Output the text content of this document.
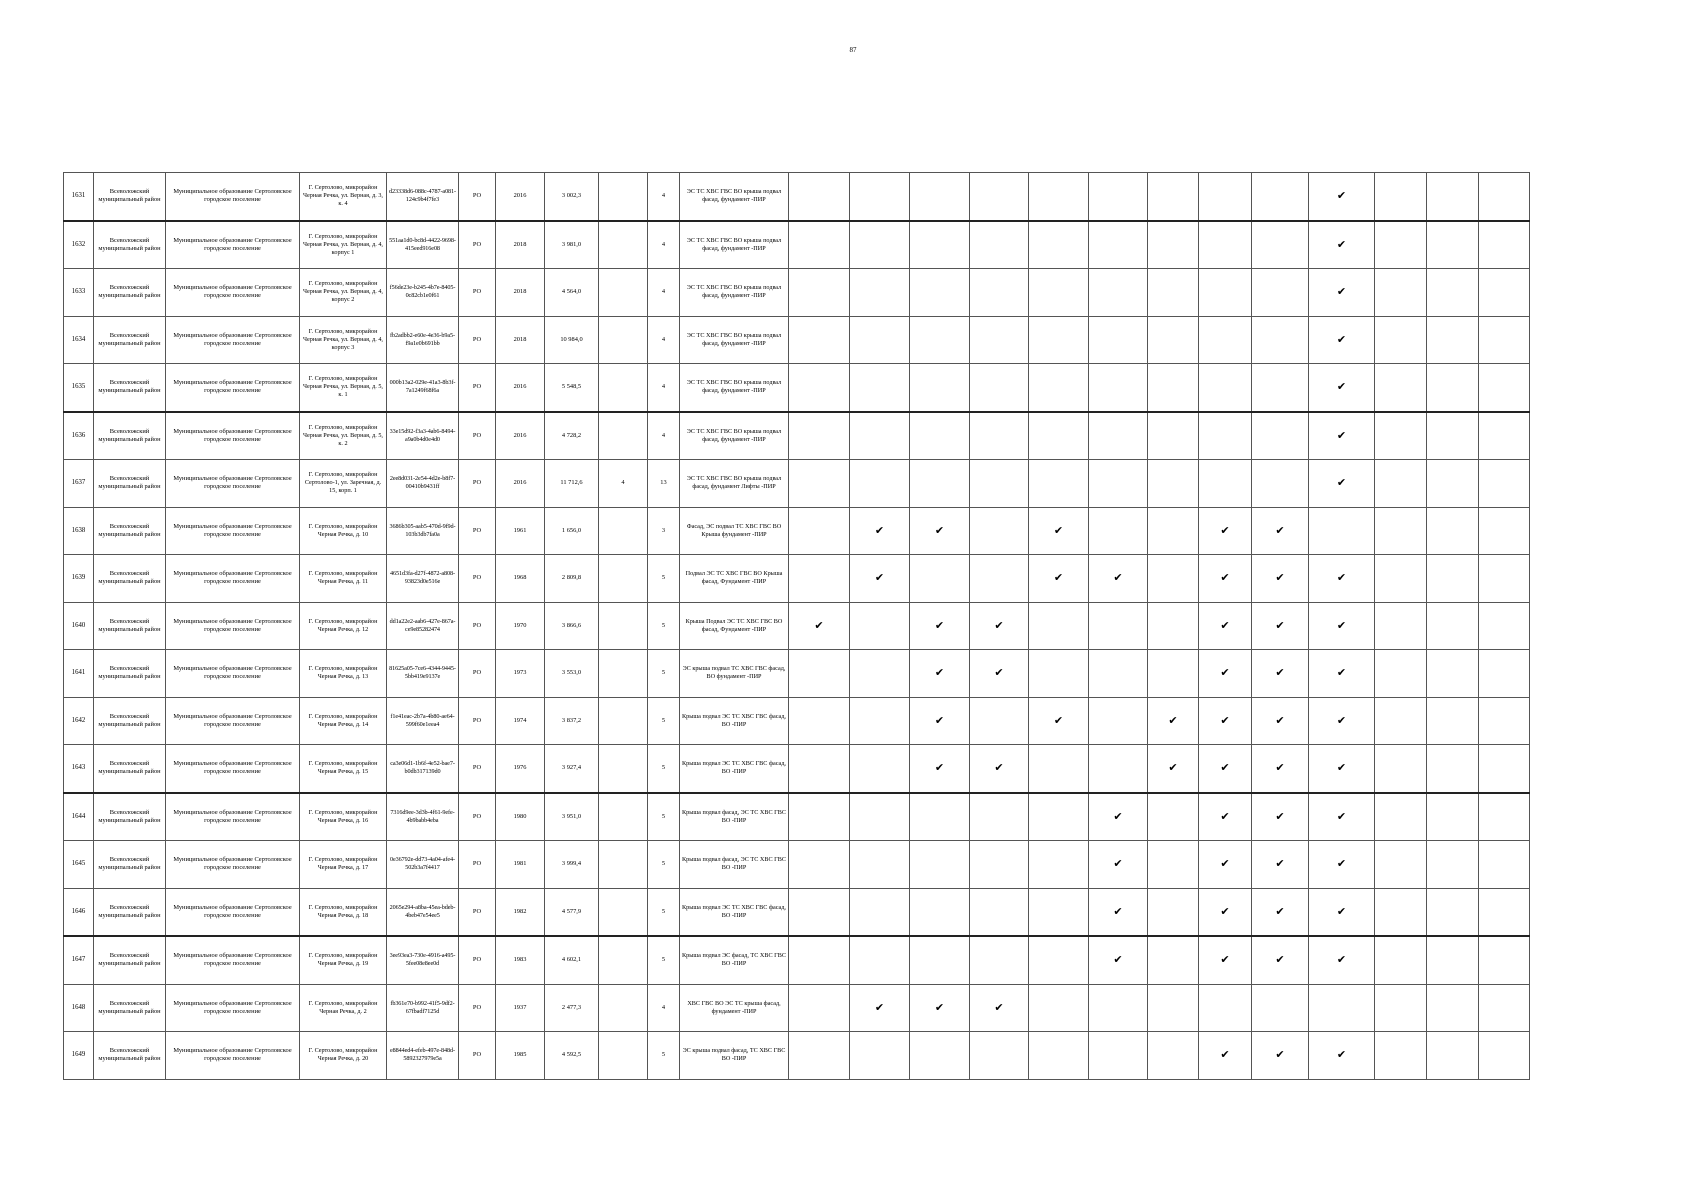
87
1631	Всеволожский муниципальный район	Муниципальное образование Сертоловское городское поселение	Г. Сертолово, микрорайон Черная Речка, ул. Верная, д. 3, к. 4	d23338d6-088c-4787-a081-124c9b4f7fe3	РО	2016	3 002,3		4	ЭС ТС ХВС ГВС ВО крыша подвал фасад, фундамент -ПИР										✔			
1632	Всеволожский муниципальный район	Муниципальное образование Сертоловское городское поселение	Г. Сертолово, микрорайон Черная Речка, ул. Верная, д. 4, корпус 1	551aa1d0-bc8d-4422-9698-415eed916e08	РО	2018	3 981,0		4	ЭС ТС ХВС ГВС ВО крыша подвал фасад, фундамент -ПИР										✔			
1633	Всеволожский муниципальный район	Муниципальное образование Сертоловское городское поселение	Г. Сертолово, микрорайон Черная Речка, ул. Верная, д. 4, корпус 2	f56de23e-b245-4b7e-8405-0c82cb1e0f61	РО	2018	4 564,0		4	ЭС ТС ХВС ГВС ВО крыша подвал фасад, фундамент -ПИР										✔			
1634	Всеволожский муниципальный район	Муниципальное образование Сертоловское городское поселение	Г. Сертолово, микрорайон Черная Речка, ул. Верная, д. 4, корпус 3	fb2adbb2-e60e-4e36-b9a5-f9a1e0b691bb	РО	2018	10 984,0		4	ЭС ТС ХВС ГВС ВО крыша подвал фасад, фундамент -ПИР										✔			
1635	Всеволожский муниципальный район	Муниципальное образование Сертоловское городское поселение	Г. Сертолово, микрорайон Черная Речка, ул. Верная, д. 5, к. 1	000b13a2-029e-41a3-8b3f-7a1249f68f6a	РО	2016	5 548,5		4	ЭС ТС ХВС ГВС ВО крыша подвал фасад, фундамент -ПИР										✔			
1636	Всеволожский муниципальный район	Муниципальное образование Сертоловское городское поселение	Г. Сертолово, микрорайон Черная Речка, ул. Верная, д. 5, к. 2	33e15d92-f3a3-4ab6-8494-a9a0b4d0e4d0	РО	2016	4 728,2		4	ЭС ТС ХВС ГВС ВО крыша подвал фасад, фундамент -ПИР										✔			
1637	Всеволожский муниципальный район	Муниципальное образование Сертоловское городское поселение	Г. Сертолово, микрорайон Сертолово-1, ул. Заречная, д. 15, корп. 1	2ee8d031-2e54-4d2e-b8f7-00410b9431ff	РО	2016	11 712,6	4	13	ЭС ТС ХВС ГВС ВО крыша подвал фасад, фундамент Лифты -ПИР										✔			
1638	Всеволожский муниципальный район	Муниципальное образование Сертоловское городское поселение	Г. Сертолово, микрорайон Черная Речка, д. 10	3686b305-aab5-470d-9f9d-103b3db7fa0a	РО	1961	1 656,0		3	Фасад, ЭС подвал ТС ХВС ГВС ВО Крыша фундамент -ПИР		✔	✔		✔			✔	✔				
1639	Всеволожский муниципальный район	Муниципальное образование Сертоловское городское поселение	Г. Сертолово, микрорайон Черная Речка, д. 11	4651d3fa-d27f-4872-a808-93823d0e516e	РО	1968	2 809,8		5	Подвал ЭС ТС ХВС ГВС ВО Крыша фасад, Фундамент -ПИР		✔			✔	✔		✔	✔	✔			
1640	Всеволожский муниципальный район	Муниципальное образование Сертоловское городское поселение	Г. Сертолово, микрорайон Черная Речка, д. 12	dd1a22e2-aab6-427e-867a-ce9e85282474	РО	1970	3 866,6		5	Крыша Подвал ЭС ТС ХВС ГВС ВО фасад, Фундамент -ПИР	✔		✔	✔				✔	✔	✔			
1641	Всеволожский муниципальный район	Муниципальное образование Сертоловское городское поселение	Г. Сертолово, микрорайон Черная Речка, д. 13	81625a05-7ce6-4344-9445-5bb419e9137e	РО	1973	3 553,0		5	ЭС крыша подвал ТС ХВС ГВС фасад, ВО фундамент -ПИР			✔	✔				✔	✔	✔			
1642	Всеволожский муниципальный район	Муниципальное образование Сертоловское городское поселение	Г. Сертолово, микрорайон Черная Речка, д. 14	f1e41eac-2b7a-4b80-ae64-599f60e1eea4	РО	1974	3 837,2		5	Крыша подвал ЭС ТС ХВС ГВС фасад, ВО -ПИР			✔		✔		✔	✔	✔	✔			
1643	Всеволожский муниципальный район	Муниципальное образование Сертоловское городское поселение	Г. Сертолово, микрорайон Черная Речка, д. 15	ca3e06d1-1b6f-4e52-bae7-b0db317139d0	РО	1976	3 927,4		5	Крыша подвал ЭС ТС ХВС ГВС фасад, ВО -ПИР			✔	✔			✔	✔	✔	✔			
1644	Всеволожский муниципальный район	Муниципальное образование Сертоловское городское поселение	Г. Сертолово, микрорайон Черная Речка, д. 16	7316d9ee-3d3b-4f61-9efe-4b9babb4eba	РО	1980	3 951,0		5	Крыша подвал фасад, ЭС ТС ХВС ГВС ВО -ПИР						✔		✔	✔	✔			
1645	Всеволожский муниципальный район	Муниципальное образование Сертоловское городское поселение	Г. Сертолово, микрорайон Черная Речка, д. 17	0e36792e-dd73-4a04-afe4-502b3a7f4417	РО	1981	3 999,4		5	Крыша подвал фасад, ЭС ТС ХВС ГВС ВО -ПИР						✔		✔	✔	✔			
1646	Всеволожский муниципальный район	Муниципальное образование Сертоловское городское поселение	Г. Сертолово, микрорайон Черная Речка, д. 18	2065e294-a8ba-45ea-bdeb-4beb47e54ee5	РО	1982	4 577,9		5	Крыша подвал ЭС ТС ХВС ГВС фасад, ВО -ПИР						✔		✔	✔	✔			
1647	Всеволожский муниципальный район	Муниципальное образование Сертоловское городское поселение	Г. Сертолово, микрорайон Черная Речка, д. 19	3ee93ea3-730e-4916-a495-5fee08e8ee0d	РО	1983	4 602,1		5	Крыша подвал ЭС фасад, ТС ХВС ГВС ВО -ПИР						✔		✔	✔	✔			
1648	Всеволожский муниципальный район	Муниципальное образование Сертоловское городское поселение	Г. Сертолово, микрорайон Черная Речка, д. 2	fb361e70-b992-41f5-9df2-67fbadf7125d	РО	1937	2 477,3		4	ХВС ГВС ВО ЭС ТС крыша фасад, фундамент -ПИР		✔	✔	✔									
1649	Всеволожский муниципальный район	Муниципальное образование Сертоловское городское поселение	Г. Сертолово, микрорайон Черная Речка, д. 20	e8844ed4-efeb-497e-848d-5892327979e5a	РО	1985	4 592,5		5	ЭС крыша подвал фасад, ТС ХВС ГВС ВО -ПИР								✔	✔	✔			
